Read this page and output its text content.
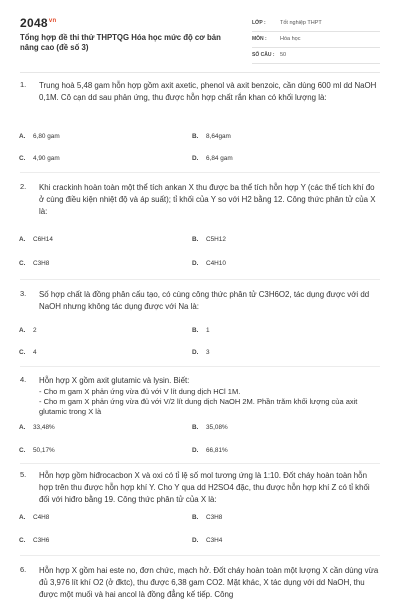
$2048^{vn}$
Tổng hợp đề thi thử THPTQG Hóa học mức độ cơ bản nâng cao (đề số 3)
LỚP :	Tốt nghiệp THPT
MÔN : Hóa học
SỐ CÂU : 50
1. Trung hoà 5,48 gam hỗn hợp gồm axit axetic, phenol và axit benzoic, cần dùng 600 ml dd NaOH 0,1M. Cô cạn dd sau phản ứng, thu được hỗn hợp chất rắn khan có khối lượng là:
A. 6,80 gam	B. 8,64gam
C. 4,90 gam	D. 6,84 gam
2. Khi crackinh hoàn toàn một thể tích ankan X thu được ba thể tích hỗn hợp Y (các thể tích khí đo ở cùng điều kiện nhiệt độ và áp suất); tỉ khối của Y so với H2 bằng 12. Công thức phân tử của X là:
A. C6H14	B. C5H12
C. C3H8	D. C4H10
3. Số hợp chất là đồng phân cấu tạo, có cùng công thức phân tử C3H6O2, tác dụng được với dd NaOH nhưng không tác dụng được với Na là:
A. 2	B. 1
C. 4	D. 3
4. Hỗn hợp X gồm axit glutamic và lysin. Biết:
- Cho m gam X phản ứng vừa đủ với V lít dung dịch HCl 1M.
- Cho m gam X phản ứng vừa đủ với V/2 lít dung dịch NaOH 2M. Phần trăm khối lượng của axit glutamic trong X là
A. 33,48%	B. 35,08%
C. 50,17%	D. 66,81%
5. Hỗn hợp gồm hiđrocacbon X và oxi có tỉ lệ số mol tương ứng là 1:10. Đốt cháy hoàn toàn hỗn hợp trên thu được hỗn hợp khí Y. Cho Y qua dd H2SO4 đặc, thu được hỗn hợp khí Z có tỉ khối đối với hiđro bằng 19. Công thức phân tử của X là:
A. C4H8	B. C3H8
C. C3H6	D. C3H4
6. Hỗn hợp X gồm hai este no, đơn chức, mạch hở. Đốt cháy hoàn toàn một lượng X cần dùng vừa đủ 3,976 lít khí O2 (ở đktc), thu được 6,38 gam CO2. Mặt khác, X tác dụng với dd NaOH, thu được một muối và hai ancol là đồng đẳng kế tiếp. Công
